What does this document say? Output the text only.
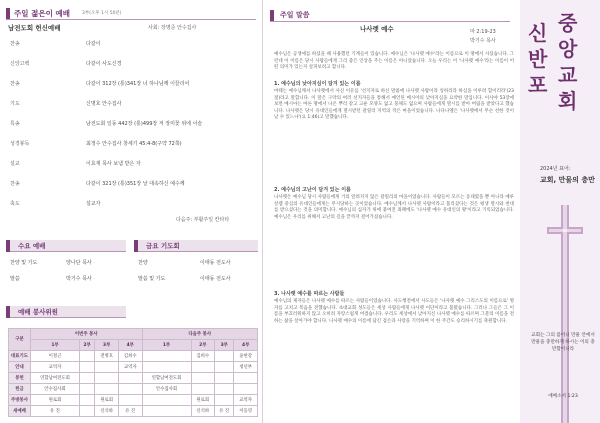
주일 젊은이 예배	3부(오후 1시 50분)
남전도회 헌신예배	사회: 장명준 안수집사
찬송	다같이
신앙고백	다같이 사도신경
찬송	다같이 312장 (통)341장 너 하나님께 이끌리어
기도	신명호 안수집사
특송	남전도회 일동 442장 (통)499장 저 장미꽃 위에 이슬
성경봉독	최정수 안수집사 창세기 45:4-8(구약 72쪽)
설교	이효재 목사 보냄 받은 자
찬송	다같이 321장 (통)351장 날 대속하신 예수께
축도	설교자
다음주: 부활주일 칸타타
수요 예배	금요 기도회
찬양 및 기도	양나단 목사
말씀	박기수 목사
찬양	이태동 전도사
말씀 및 기도	이태동 전도사
예배 봉사위원
구분	이번주 봉사				다음주 봉사			
	1부	2부	3부	4부	1부	2부	3부	4부
대표기도	이철근		전병호	김희수		김희수		윤현강
안내	교역자			교역자				청년부
봉헌	연합남여전도회				연합남여전도회			
헌금	안수집사회				안수집사회			
주방봉사	원로회		원로회			원로회		교역자
새예배	유 진		신석하	유 진		신석하	유 진	이동영
주일 말씀
나사렛 예수	마 2:19-23
박기수 목사
예수님은 공생애를 하셨을 때 사용했던 기계들이 있습니다. 예수님은 '나사렛 예수'라는 이름으로 이 땅에서 사셨습니다. 그런데 이 이름은 당시 사람들에게 그리 좋은 인상을 주는 이름은 아니었습니다. 오늘 우리는 이 '나사렛 예수'라는 이름이 어떤 의미가 있는지 살펴보려고 합니다.
1. 예수님의 낮아지심이 담겨 있는 이름
마태는 예수님께서 나사렛에서 사신 이유를 '선지자로 하신 말씀에 나사렛 사람이라 칭하리라 하심을 이루려 함이러라'(23절)라고 말합니다. 이 말은 구약의 여러 선지자들을 통해서 예언된 메시아의 낮아지심을 요약한 말입니다. 이사야 53장에 보면 메시아는 마른 땅에서 나온 뿌리 같고 고운 모양도 없고 풍채도 없으며 사람들에게 멸시를 받아 버림을 받았다고 했습니다. 나사렛은 당시 유대인들에게 멸시받던 갈릴리 지역의 작은 마을이었습니다. 나다나엘은 '나사렛에서 무슨 선한 것이 날 수 있느냐'(요 1:46)고 말했습니다.
2. 예수님의 고난이 담겨 있는 이름
나사렛은 예수님 당시 사람들에게 거의 알려지지 않은 갈릴리의 마을이었습니다. 사람들이 모르는 동네였을 뿐 아니라 예루살렘 중심의 유대인들에게는 무시당하는 곳이었습니다. 예수님께서 나사렛 사람이라고 불리셨다는 것은 평생 멸시와 천대를 받으셨다는 것을 의미합니다. 예수님의 십자가 위에 붙여진 죄패에도 '나사렛 예수 유대인의 왕'이라고 기록되었습니다. 예수님은 우리를 위해서 고난의 길을 끝까지 걸어가셨습니다.
3. 나사렛 예수를 따르는 사람들
예수님의 제자들은 나사렛 예수를 따르는 사람들이었습니다. 사도행전에서 사도들은 '나사렛 예수 그리스도의 이름으로' 병자를 고치고 복음을 전했습니다. 초대교회 성도들은 세상 사람들에게 나사렛 이단이라고 불렸습니다. 그러나 그들은 그 이름을 부끄러워하지 않고 오히려 자랑스럽게 여겼습니다. 우리도 세상에서 낮아지신 나사렛 예수를 따르며 그분의 이름을 전하는 삶을 살아가야 합니다. 나사렛 예수의 이름에 담긴 겸손과 사랑을 기억하며 이 한 주간도 승리하시기를 축원합니다.
신
반
포
중
앙
교
회
2024년 표어:
교회, 만물의 충만
교회는 그의 몸이니 만물 안에서 만물을 충만하게 하시는 이의 충만함이니라
에베소서 1:23
